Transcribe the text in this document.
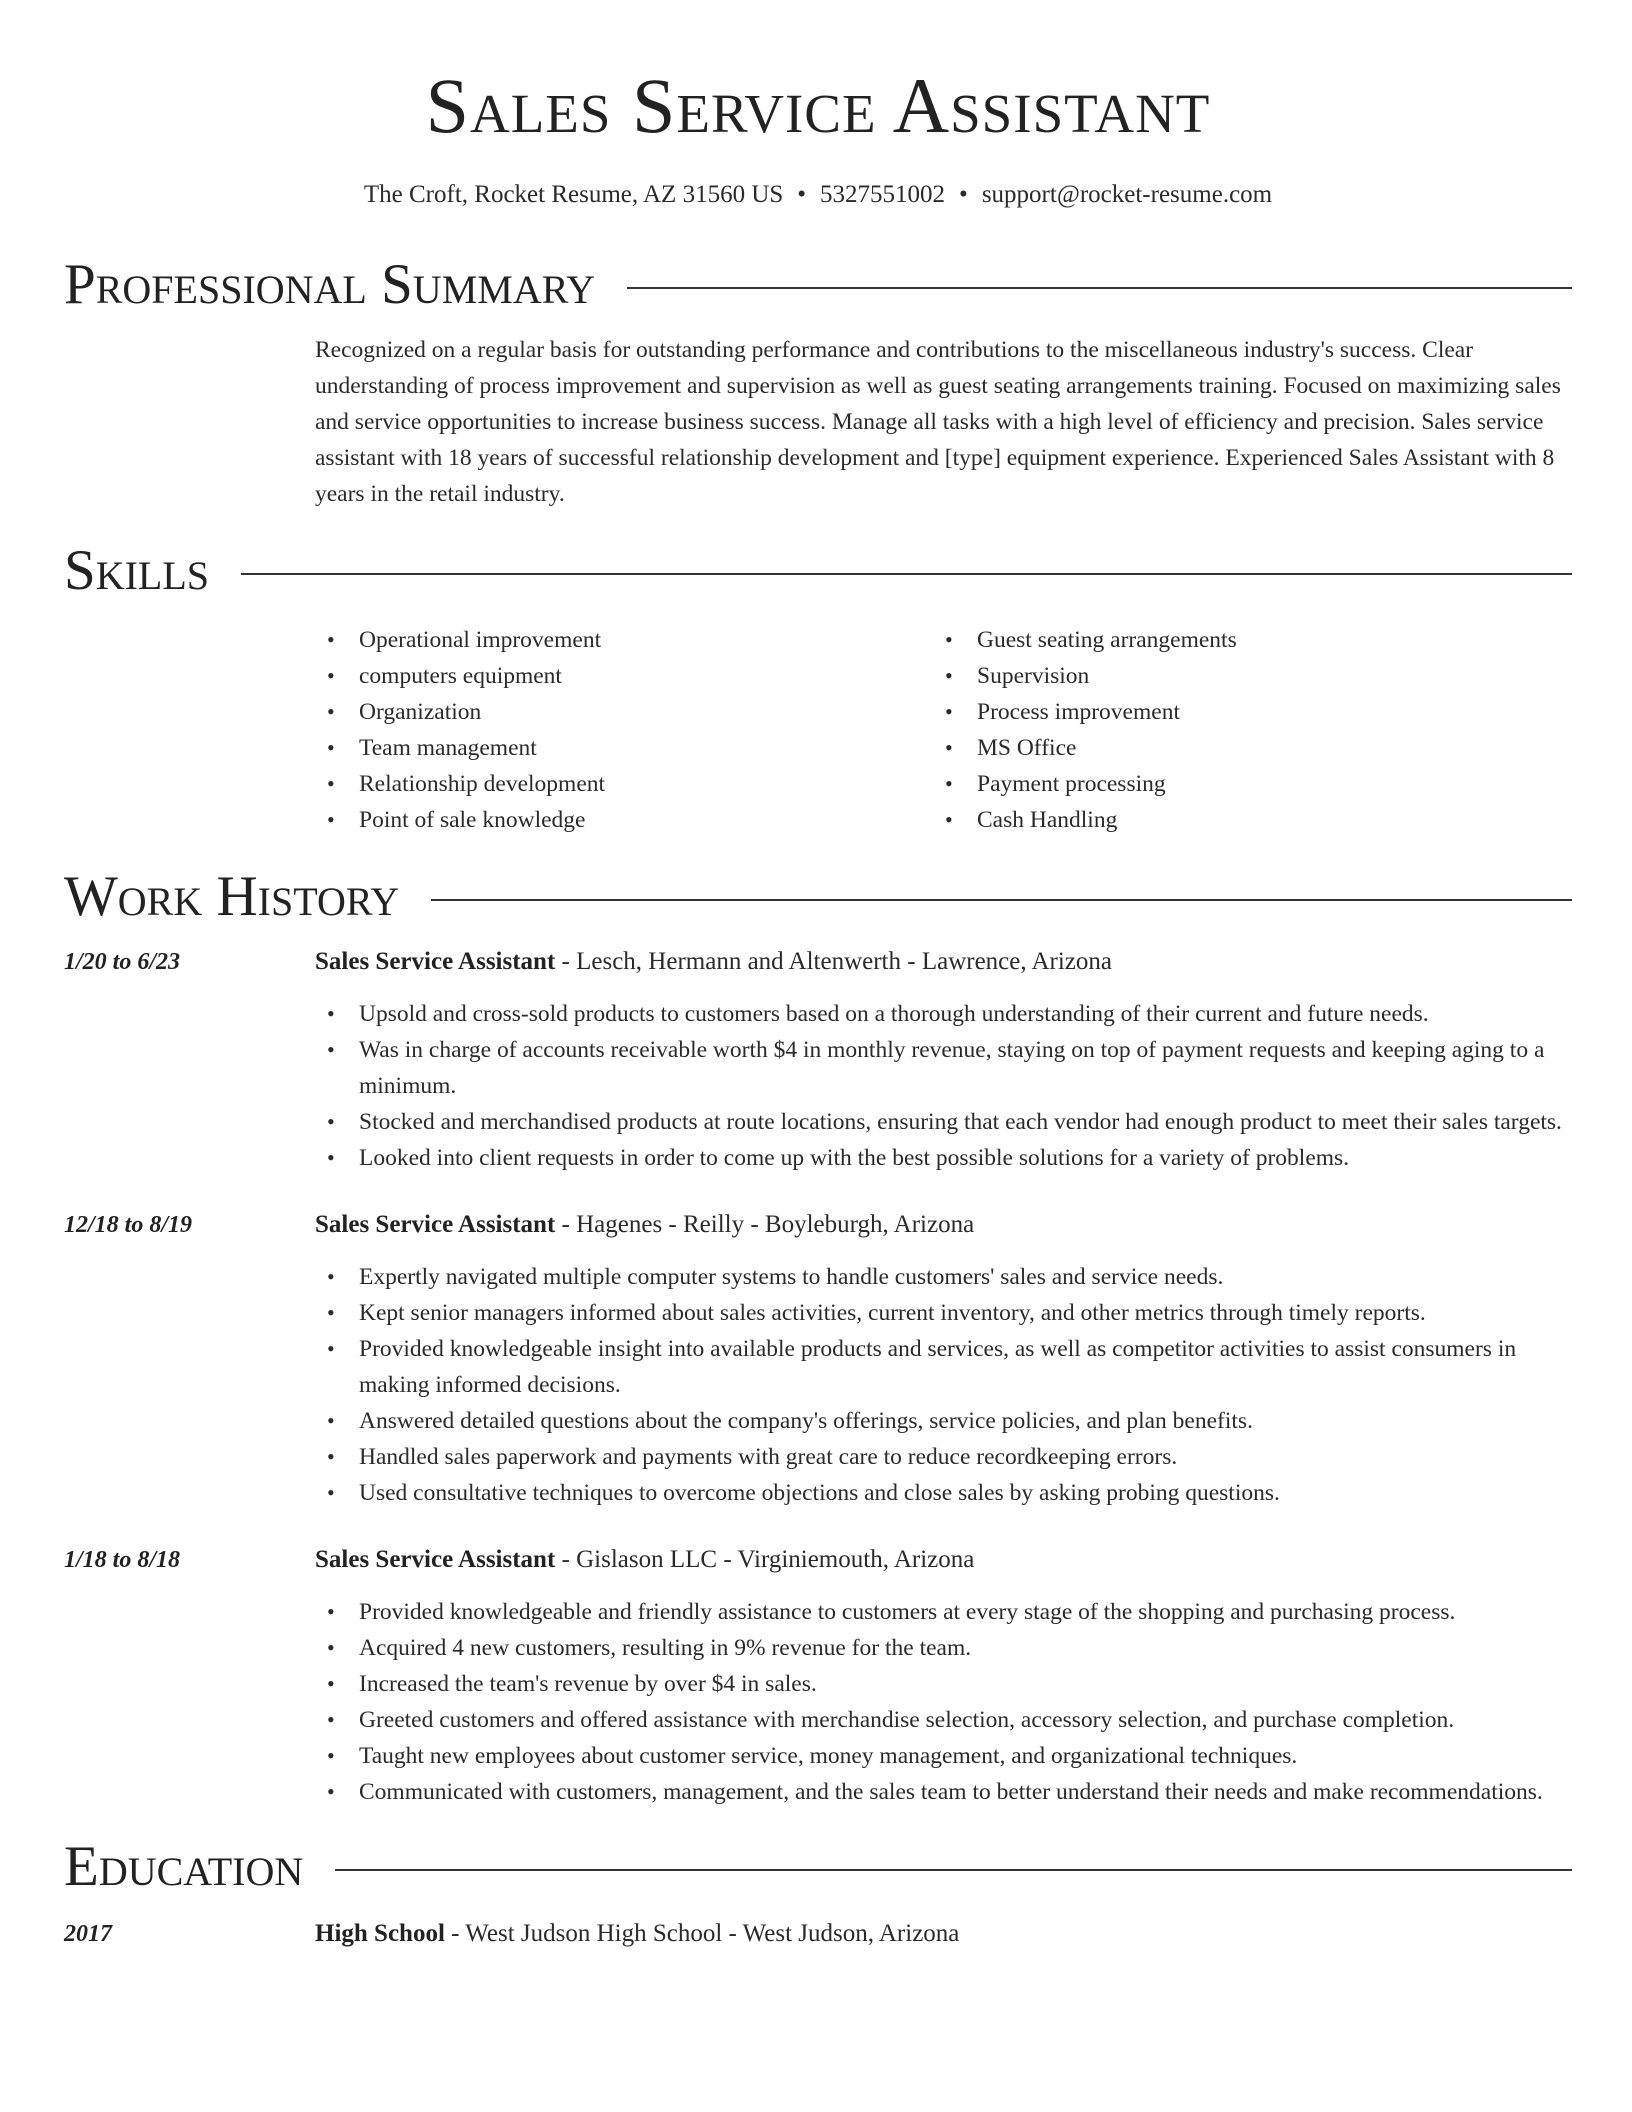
Sales Service Assistant
The Croft, Rocket Resume, AZ 31560 US • 5327551002 • support@rocket-resume.com
Professional Summary

Recognized on a regular basis for outstanding performance and contributions to the miscellaneous industry's success. Clear understanding of process improvement and supervision as well as guest seating arrangements training. Focused on maximizing sales and service opportunities to increase business success. Manage all tasks with a high level of efficiency and precision. Sales service assistant with 18 years of successful relationship development and [type] equipment experience. Experienced Sales Assistant with 8 years in the retail industry.

Skills
• Operational improvement
• computers equipment
• Organization
• Team management
• Relationship development
• Point of sale knowledge
• Guest seating arrangements
• Supervision
• Process improvement
• MS Office
• Payment processing
• Cash Handling
Work History
1/20 to 6/23	Sales Service Assistant - Lesch, Hermann and Altenwerth - Lawrence, Arizona
• Upsold and cross-sold products to customers based on a thorough understanding of their current and future needs.
• Was in charge of accounts receivable worth $4 in monthly revenue, staying on top of payment requests and keeping aging to a minimum.
• Stocked and merchandised products at route locations, ensuring that each vendor had enough product to meet their sales targets.
• Looked into client requests in order to come up with the best possible solutions for a variety of problems.
12/18 to 8/19	Sales Service Assistant - Hagenes - Reilly - Boyleburgh, Arizona
• Expertly navigated multiple computer systems to handle customers' sales and service needs.
• Kept senior managers informed about sales activities, current inventory, and other metrics through timely reports.
• Provided knowledgeable insight into available products and services, as well as competitor activities to assist consumers in making informed decisions.
• Answered detailed questions about the company's offerings, service policies, and plan benefits.
• Handled sales paperwork and payments with great care to reduce recordkeeping errors.
• Used consultative techniques to overcome objections and close sales by asking probing questions.
1/18 to 8/18	Sales Service Assistant - Gislason LLC - Virginiemouth, Arizona
• Provided knowledgeable and friendly assistance to customers at every stage of the shopping and purchasing process.
• Acquired 4 new customers, resulting in 9% revenue for the team.
• Increased the team's revenue by over $4 in sales.
• Greeted customers and offered assistance with merchandise selection, accessory selection, and purchase completion.
• Taught new employees about customer service, money management, and organizational techniques.
• Communicated with customers, management, and the sales team to better understand their needs and make recommendations.
Education
2017	High School - West Judson High School - West Judson, Arizona
